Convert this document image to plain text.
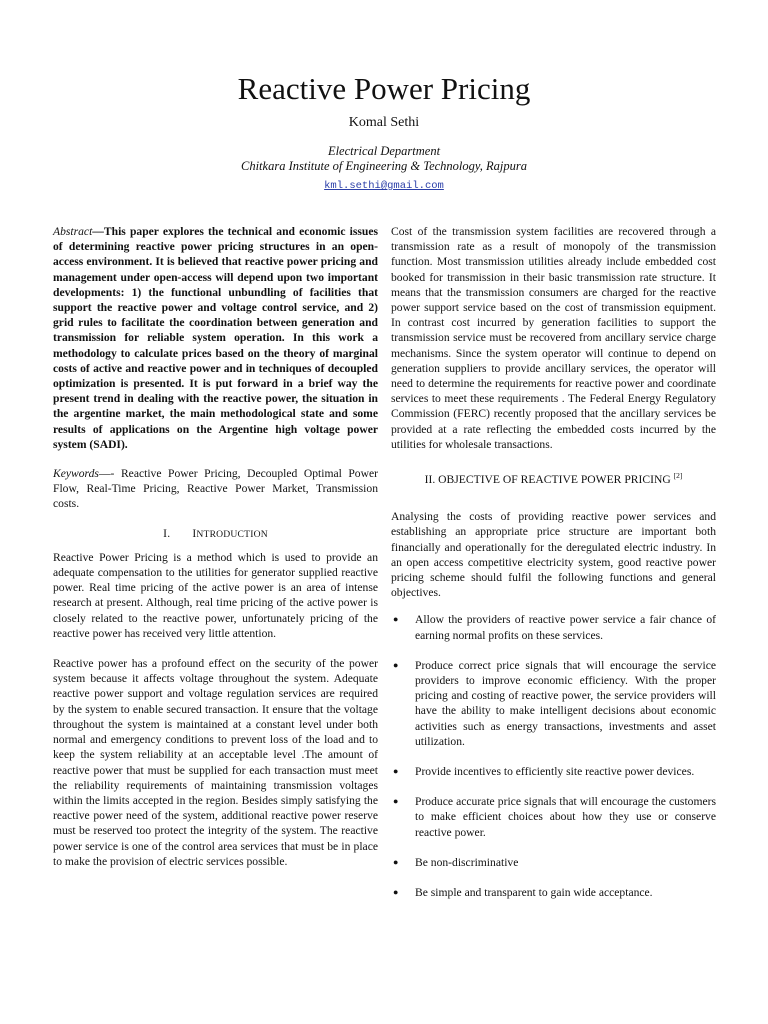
Reactive Power Pricing
Komal Sethi
Electrical Department
Chitkara Institute of Engineering & Technology, Rajpura
kml.sethi@gmail.com

Abstract—This paper explores the technical and economic issues of determining reactive power pricing structures in an open-access environment. It is believed that reactive power pricing and management under open-access will depend upon two important developments: 1) the functional unbundling of facilities that support the reactive power and voltage control service, and 2) grid rules to facilitate the coordination between generation and transmission for reliable system operation. In this work a methodology to calculate prices based on the theory of marginal costs of active and reactive power and in techniques of decoupled optimization is presented. It is put forward in a brief way the present trend in dealing with the reactive power, the situation in the argentine market, the main methodological state and some results of applications on the Argentine high voltage power system (SADI).

Keywords—- Reactive Power Pricing, Decoupled Optimal Power Flow, Real-Time Pricing, Reactive Power Market, Transmission costs.

I. INTRODUCTION

Reactive Power Pricing is a method which is used to provide an adequate compensation to the utilities for generator supplied reactive power. Real time pricing of the active power is an area of intense research at present. Although, real time pricing of the active power is closely related to the reactive power, unfortunately pricing of the reactive power has received very little attention.

Reactive power has a profound effect on the security of the power system because it affects voltage throughout the system. Adequate reactive power support and voltage regulation services are required by the system to enable secured transaction. It ensure that the voltage throughout the system is maintained at a constant level under both normal and emergency conditions to prevent loss of the load and to keep the system reliability at an acceptable level .The amount of reactive power that must be supplied for each transaction must meet the reliability requirements of maintaining transmission voltages within the limits accepted in the region. Besides simply satisfying the reactive power need of the system, additional reactive power reserve must be reserved too protect the integrity of the system. The reactive power service is one of the control area services that must be in place to make the provision of electric services possible.

Cost of the transmission system facilities are recovered through a transmission rate as a result of monopoly of the transmission function. Most transmission utilities already include embedded cost booked for transmission in their basic transmission rate structure. It means that the transmission consumers are charged for the reactive power support service based on the cost of transmission equipment. In contrast cost incurred by generation facilities to support the transmission service must be recovered from ancillary service charge mechanisms. Since the system operator will continue to depend on generation suppliers to provide ancillary services, the operator will need to determine the requirements for reactive power and coordinate services to meet these requirements . The Federal Energy Regulatory Commission (FERC) recently proposed that the ancillary services be provided at a rate reflecting the embedded costs incurred by the utilities for wholesale transactions.

II. OBJECTIVE OF REACTIVE POWER PRICING [2]

Analysing the costs of providing reactive power services and establishing an appropriate price structure are important both financially and operationally for the deregulated electric industry. In an open access competitive electricity system, good reactive power pricing scheme should fulfil the following functions and general objectives.

● Allow the providers of reactive power service a fair chance of earning normal profits on these services.
● Produce correct price signals that will encourage the service providers to improve economic efficiency. With the proper pricing and costing of reactive power, the service providers will have the ability to make intelligent decisions about economic activities such as energy transactions, investments and asset utilization.
● Provide incentives to efficiently site reactive power devices.
● Produce accurate price signals that will encourage the customers to make efficient choices about how they use or conserve reactive power.
● Be non-discriminative
● Be simple and transparent to gain wide acceptance.
